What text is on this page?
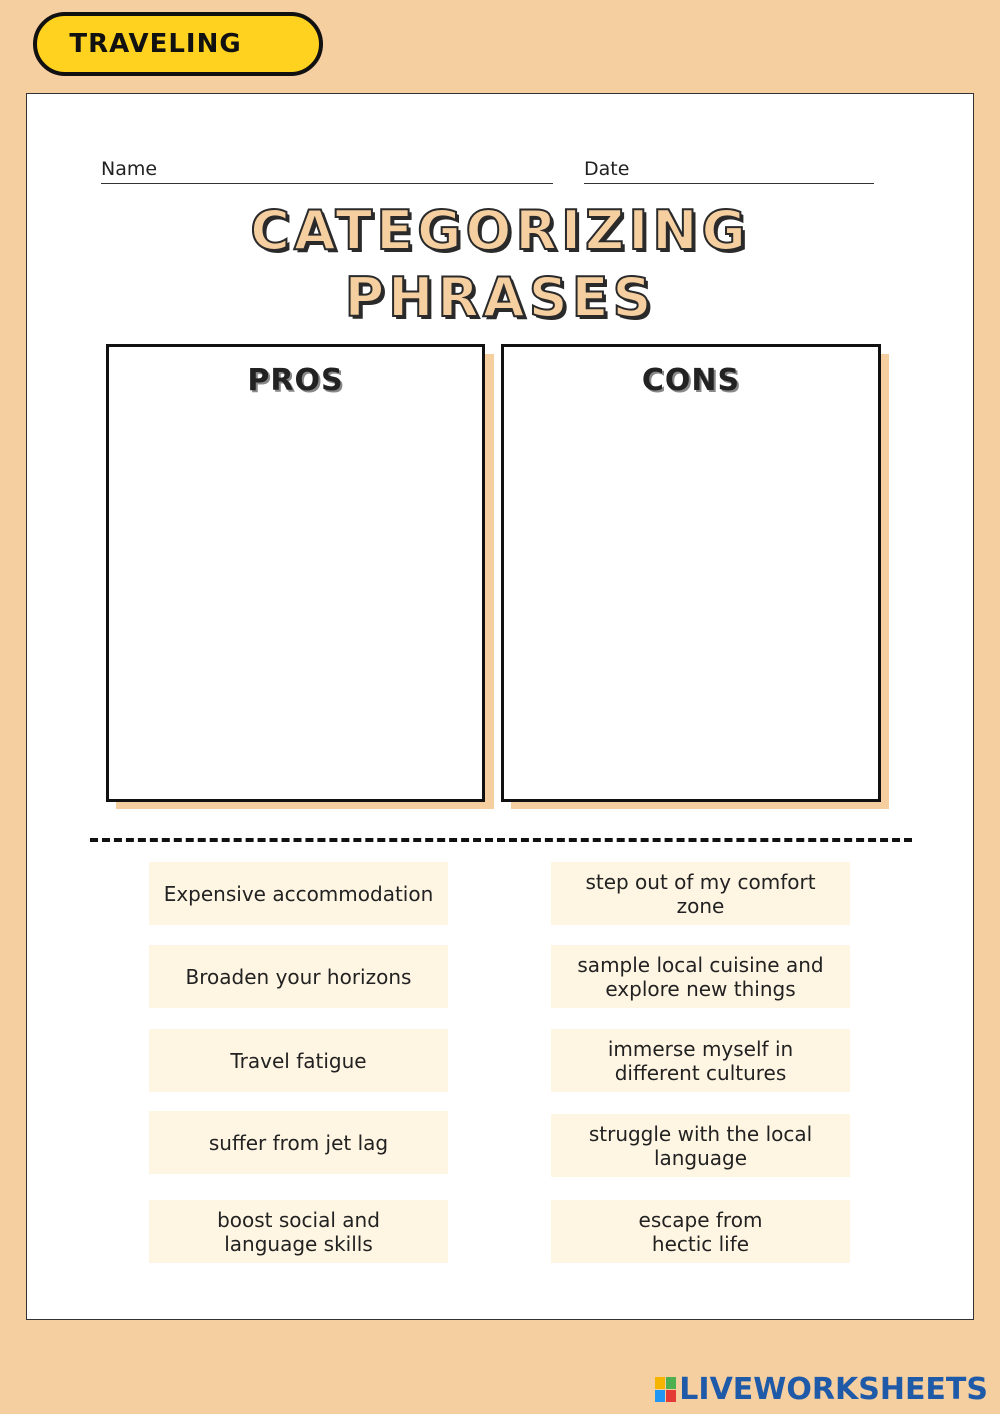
TRAVELING
Name	Date
CATEGORIZING
PHRASES
PROS	CONS
Expensive accommodation	step out of my comfort zone
Broaden your horizons	sample local cuisine and
explore new things
Travel fatigue	immerse myself in
different cultures
suffer from jet lag	struggle with the local
language
boost social and
language skills
escape from
hectic life
LIVEWORKSHEETS
